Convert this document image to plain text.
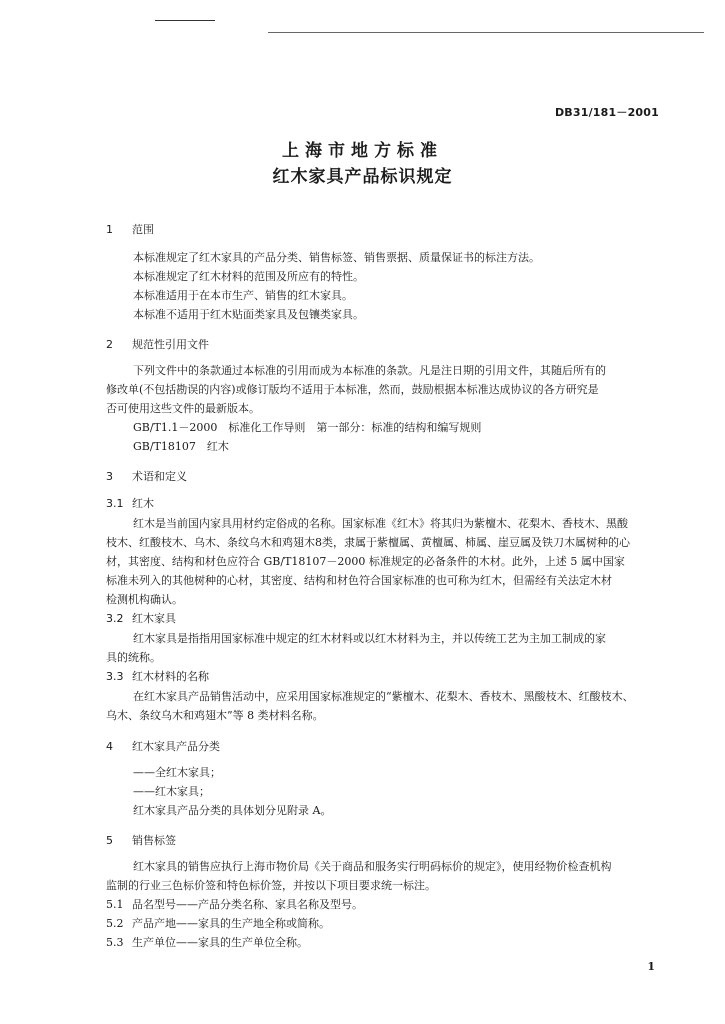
DB31/181－2001
上海市地方标准
红木家具产品标识规定
1 范围
本标准规定了红木家具的产品分类、销售标签、销售票据、质量保证书的标注方法。
本标准规定了红木材料的范围及所应有的特性。
本标准适用于在本市生产、销售的红木家具。
本标准不适用于红木贴面类家具及包镶类家具。
2 规范性引用文件
下列文件中的条款通过本标准的引用而成为本标准的条款。凡是注日期的引用文件，其随后所有的
修改单(不包括勘误的内容)或修订版均不适用于本标准，然而，鼓励根据本标准达成协议的各方研究是
否可使用这些文件的最新版本。
GB/T1.1－2000　标准化工作导则　第一部分：标准的结构和编写规则
GB/T18107　红木
3 术语和定义
3.1 红木
红木是当前国内家具用材约定俗成的名称。国家标准《红木》将其归为紫檀木、花梨木、香枝木、黑酸
枝木、红酸枝木、乌木、条纹乌木和鸡翅木8类，隶属于紫檀属、黄檀属、柿属、崖豆属及铁刀木属树种的心
材，其密度、结构和材色应符合 GB/T18107－2000 标准规定的必备条件的木材。此外，上述 5 属中国家
标准未列入的其他树种的心材，其密度、结构和材色符合国家标准的也可称为红木，但需经有关法定木材
检测机构确认。
3.2 红木家具
红木家具是指指用国家标准中规定的红木材料或以红木材料为主，并以传统工艺为主加工制成的家
具的统称。
3.3 红木材料的名称
在红木家具产品销售活动中，应采用国家标准规定的“紫檀木、花梨木、香枝木、黑酸枝木、红酸枝木、
乌木、条纹乌木和鸡翅木”等 8 类材料名称。
4 红木家具产品分类
——全红木家具；
——红木家具；
红木家具产品分类的具体划分见附录 A。
5 销售标签
红木家具的销售应执行上海市物价局《关于商品和服务实行明码标价的规定》，使用经物价检查机构
监制的行业三色标价签和特色标价签，并按以下项目要求统一标注。
5.1 品名型号——产品分类名称、家具名称及型号。
5.2 产品产地——家具的生产地全称或简称。
5.3 生产单位——家具的生产单位全称。
1
